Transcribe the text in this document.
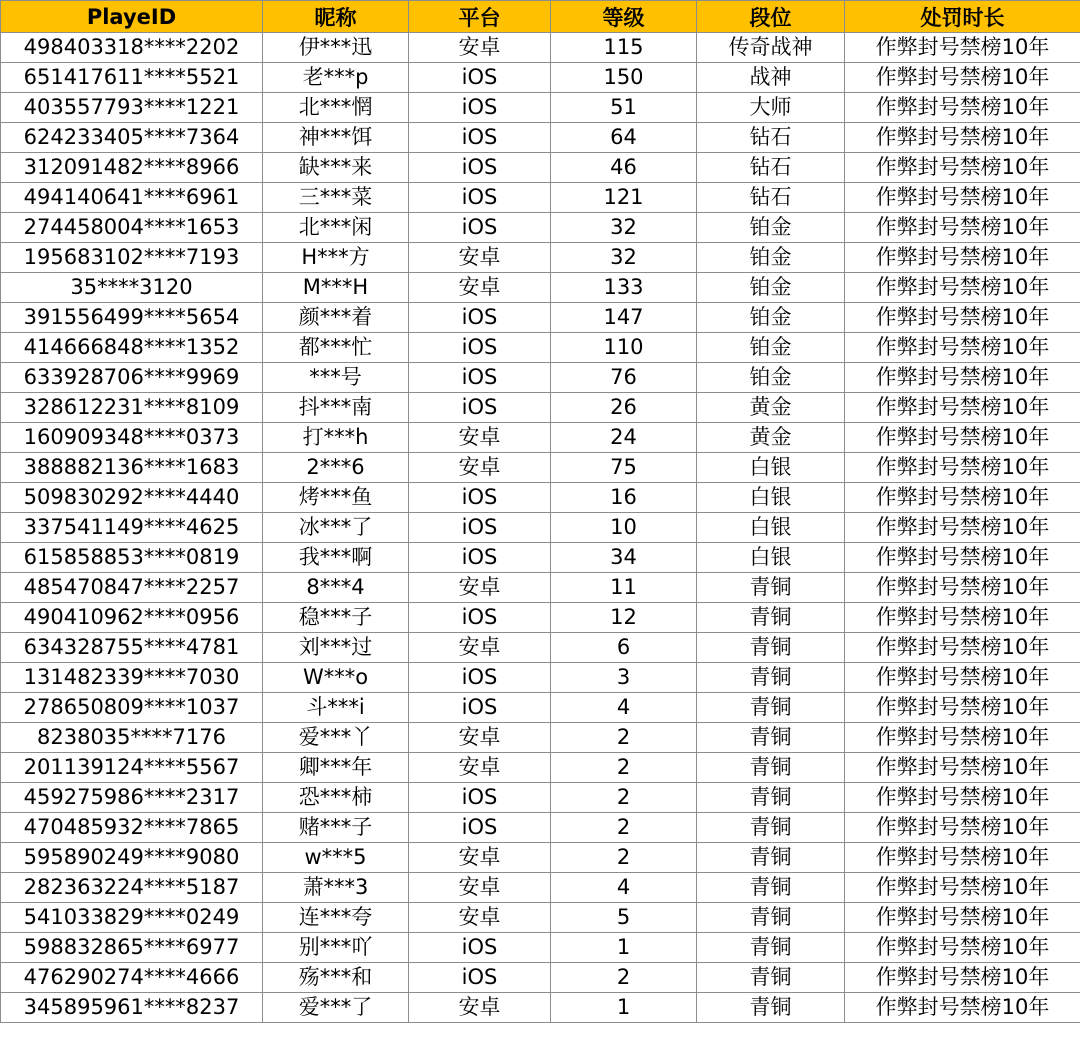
PlayeID	昵称	平台	等级	段位	处罚时长
498403318****2202	伊***迅	安卓	115	传奇战神	作弊封号禁榜10年
651417611****5521	老***p	iOS	150	战神	作弊封号禁榜10年
403557793****1221	北***惘	iOS	51	大师	作弊封号禁榜10年
624233405****7364	神***饵	iOS	64	钻石	作弊封号禁榜10年
312091482****8966	缺***来	iOS	46	钻石	作弊封号禁榜10年
494140641****6961	三***菜	iOS	121	钻石	作弊封号禁榜10年
274458004****1653	北***闲	iOS	32	铂金	作弊封号禁榜10年
195683102****7193	H***方	安卓	32	铂金	作弊封号禁榜10年
35****3120	M***H	安卓	133	铂金	作弊封号禁榜10年
391556499****5654	颜***着	iOS	147	铂金	作弊封号禁榜10年
414666848****1352	都***忙	iOS	110	铂金	作弊封号禁榜10年
633928706****9969	***号	iOS	76	铂金	作弊封号禁榜10年
328612231****8109	抖***南	iOS	26	黄金	作弊封号禁榜10年
160909348****0373	打***h	安卓	24	黄金	作弊封号禁榜10年
388882136****1683	2***6	安卓	75	白银	作弊封号禁榜10年
509830292****4440	烤***鱼	iOS	16	白银	作弊封号禁榜10年
337541149****4625	冰***了	iOS	10	白银	作弊封号禁榜10年
615858853****0819	我***啊	iOS	34	白银	作弊封号禁榜10年
485470847****2257	8***4	安卓	11	青铜	作弊封号禁榜10年
490410962****0956	稳***子	iOS	12	青铜	作弊封号禁榜10年
634328755****4781	刘***过	安卓	6	青铜	作弊封号禁榜10年
131482339****7030	W***o	iOS	3	青铜	作弊封号禁榜10年
278650809****1037	斗***i	iOS	4	青铜	作弊封号禁榜10年
8238035****7176	爱***丫	安卓	2	青铜	作弊封号禁榜10年
201139124****5567	卿***年	安卓	2	青铜	作弊封号禁榜10年
459275986****2317	恐***柿	iOS	2	青铜	作弊封号禁榜10年
470485932****7865	赌***子	iOS	2	青铜	作弊封号禁榜10年
595890249****9080	w***5	安卓	2	青铜	作弊封号禁榜10年
282363224****5187	萧***3	安卓	4	青铜	作弊封号禁榜10年
541033829****0249	连***夸	安卓	5	青铜	作弊封号禁榜10年
598832865****6977	别***吖	iOS	1	青铜	作弊封号禁榜10年
476290274****4666	殇***和	iOS	2	青铜	作弊封号禁榜10年
345895961****8237	爱***了	安卓	1	青铜	作弊封号禁榜10年
